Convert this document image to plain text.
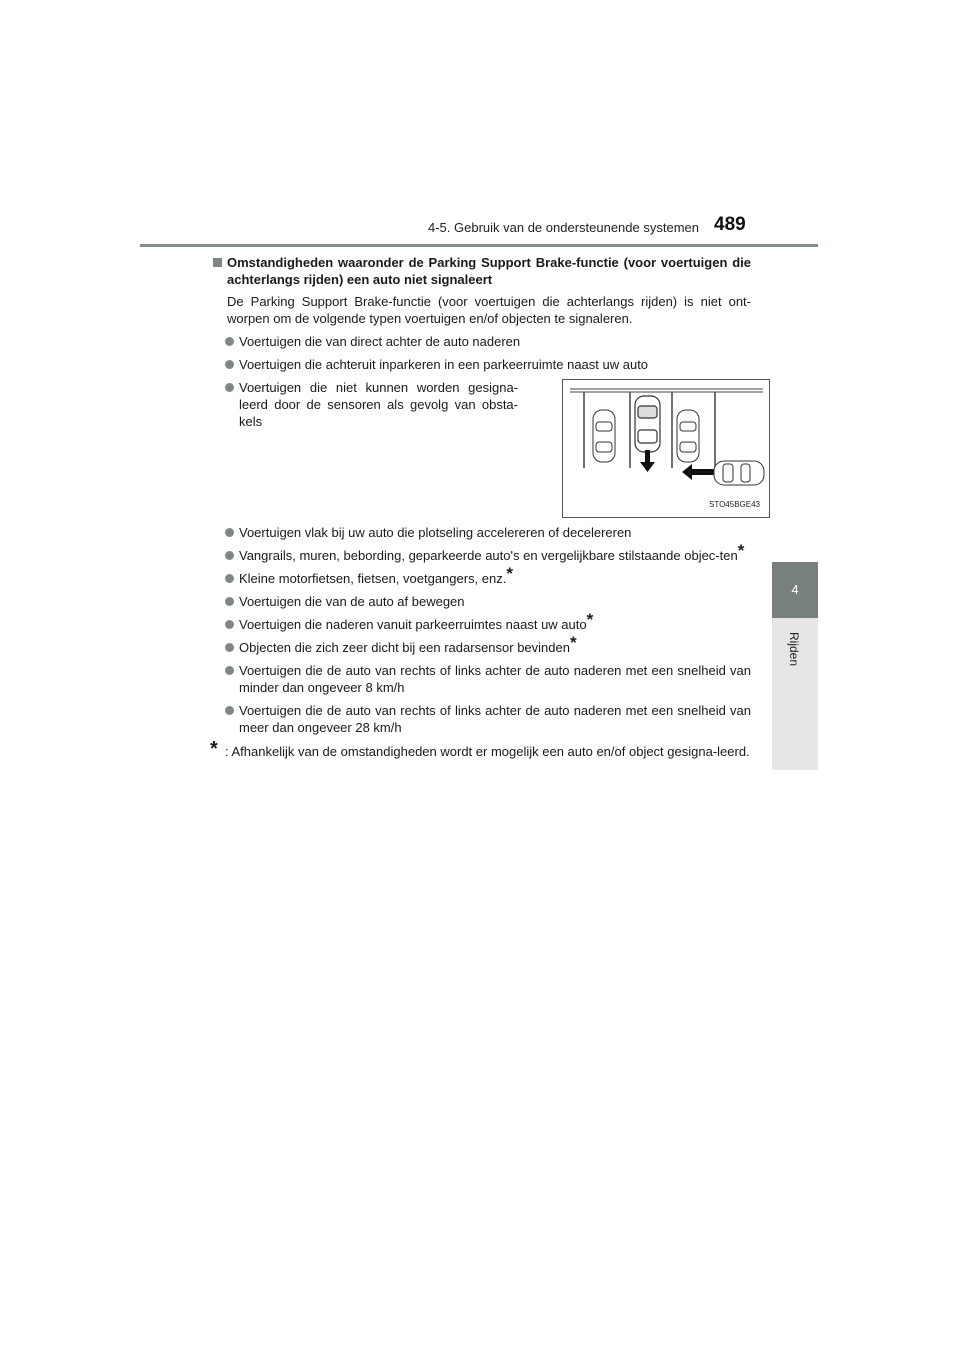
4-5. Gebruik van de ondersteunende systemen 489
4
Rijden
Omstandigheden waaronder de Parking Support Brake-functie (voor voertuigen die achterlangs rijden) een auto niet signaleert
De Parking Support Brake-functie (voor voertuigen die achterlangs rijden) is niet ont-worpen om de volgende typen voertuigen en/of objecten te signaleren.
Voertuigen die van direct achter de auto naderen
Voertuigen die achteruit inparkeren in een parkeerruimte naast uw auto
Voertuigen die niet kunnen worden gesigna-leerd door de sensoren als gevolg van obsta-kels
STO45BGE43
Voertuigen vlak bij uw auto die plotseling accelereren of decelereren
Vangrails, muren, bebording, geparkeerde auto's en vergelijkbare stilstaande objec-ten*
Kleine motorfietsen, fietsen, voetgangers, enz.*
Voertuigen die van de auto af bewegen
Voertuigen die naderen vanuit parkeerruimtes naast uw auto*
Objecten die zich zeer dicht bij een radarsensor bevinden*
Voertuigen die de auto van rechts of links achter de auto naderen met een snelheid van minder dan ongeveer 8 km/h
Voertuigen die de auto van rechts of links achter de auto naderen met een snelheid van meer dan ongeveer 28 km/h
* : Afhankelijk van de omstandigheden wordt er mogelijk een auto en/of object gesigna-leerd.
